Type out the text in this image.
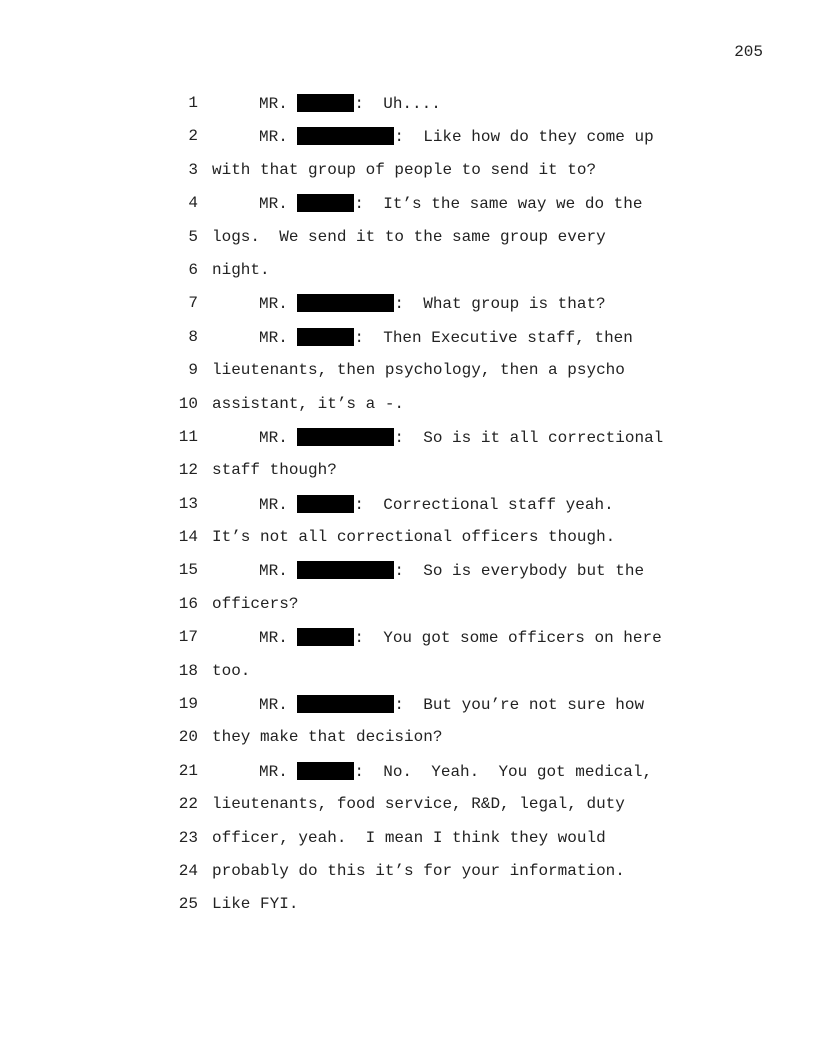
205
1	MR.	:  Uh....
2	MR.	:  Like how do they come up
3 with that group of people to send it to?
4	MR.	:  It’s the same way we do the
5 logs.  We send it to the same group every
6 night.
7	MR.	:  What group is that?
8	MR.	:  Then Executive staff, then
9 lieutenants, then psychology, then a psycho
10 assistant, it’s a -.
11	MR.	:  So is it all correctional
12 staff though?
13	MR.	:  Correctional staff yeah.
14 It’s not all correctional officers though.
15	MR.	:  So is everybody but the
16 officers?
17	MR.	:  You got some officers on here
18 too.
19	MR.	:  But you’re not sure how
20 they make that decision?
21	MR.	:  No.  Yeah.  You got medical,
22 lieutenants, food service, R&D, legal, duty
23 officer, yeah.  I mean I think they would
24 probably do this it’s for your information.
25 Like FYI.
